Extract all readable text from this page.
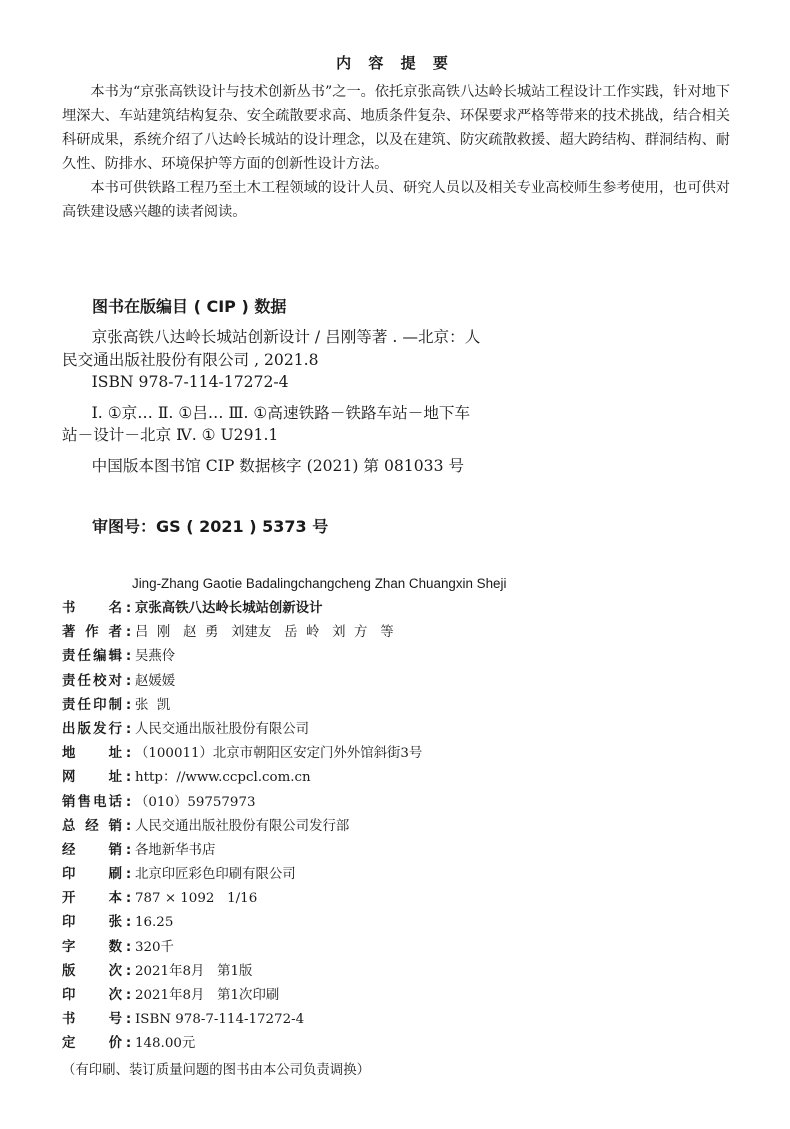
内 容 提 要

本书为“京张高铁设计与技术创新丛书”之一。依托京张高铁八达岭长城站工程设计工作实践，针对地下埋深大、车站建筑结构复杂、安全疏散要求高、地质条件复杂、环保要求严格等带来的技术挑战，结合相关科研成果，系统介绍了八达岭长城站的设计理念，以及在建筑、防灾疏散救援、超大跨结构、群洞结构、耐久性、防排水、环境保护等方面的创新性设计方法。

本书可供铁路工程乃至土木工程领域的设计人员、研究人员以及相关专业高校师生参考使用，也可供对高铁建设感兴趣的读者阅读。

图书在版编目 ( CIP ) 数据
京张高铁八达岭长城站创新设计 / 吕刚等著 . —北京：人民交通出版社股份有限公司 , 2021.8
ISBN 978-7-114-17272-4
Ⅰ. ①京… Ⅱ. ①吕… Ⅲ. ①高速铁路－铁路车站－地下车站－设计－北京 Ⅳ. ① U291.1
中国版本图书馆 CIP 数据核字 (2021) 第 081033 号
审图号：GS ( 2021 ) 5373 号
Jing-Zhang Gaotie Badalingchangcheng Zhan Chuangxin Sheji
书名 : 京张高铁八达岭长城站创新设计
著作者 : 吕  刚   赵  勇   刘建友   岳  岭   刘  方   等
责任编辑 : 吴燕伶
责任校对 : 赵媛媛
责任印制 : 张  凯
出版发行 : 人民交通出版社股份有限公司
地址 : （100011）北京市朝阳区安定门外外馆斜街3号
网址 : http：//www.ccpcl.com.cn
销售电话 : （010）59757973
总经销 : 人民交通出版社股份有限公司发行部
经销 : 各地新华书店
印刷 : 北京印匠彩色印刷有限公司
开本 : 787 × 1092   1/16
印张 : 16.25
字数 : 320千
版次 : 2021年8月   第1版
印次 : 2021年8月   第1次印刷
书号 : ISBN 978-7-114-17272-4
定价 : 148.00元
（有印刷、装订质量问题的图书由本公司负责调换）
